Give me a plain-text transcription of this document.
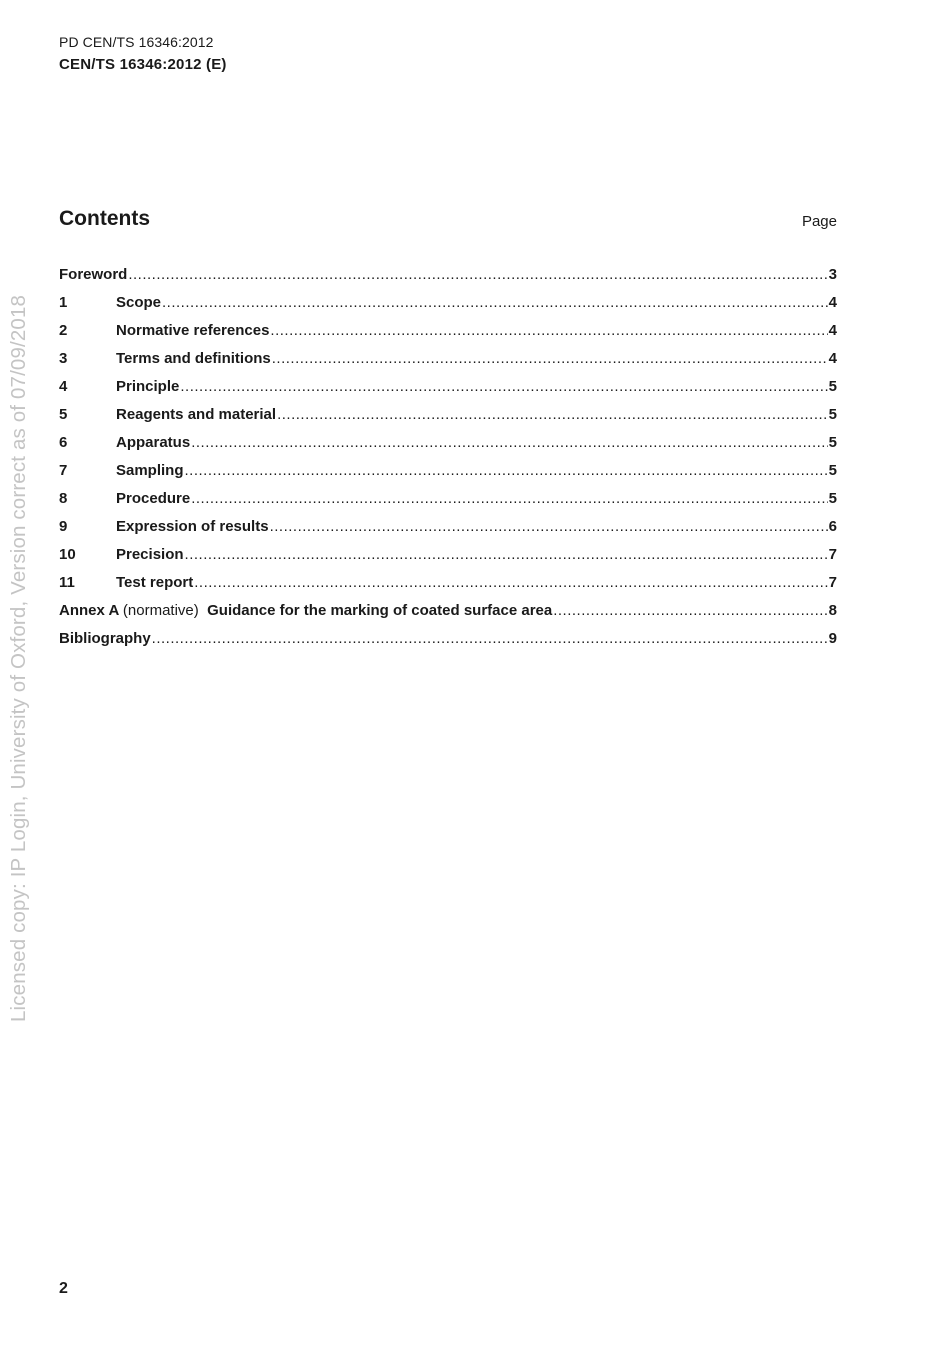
PD CEN/TS 16346:2012
CEN/TS 16346:2012 (E)
Contents	Page
Foreword .....	3
1	Scope .....	4
2	Normative references .....	4
3	Terms and definitions .....	4
4	Principle .....	5
5	Reagents and material .....	5
6	Apparatus .....	5
7	Sampling .....	5
8	Procedure .....	5
9	Expression of results .....	6
10	Precision .....	7
11	Test report .....	7
Annex A (normative) Guidance for the marking of coated surface area .....	8
Bibliography .....	9
Licensed copy: IP Login, University of Oxford, Version correct as of 07/09/2018
2
